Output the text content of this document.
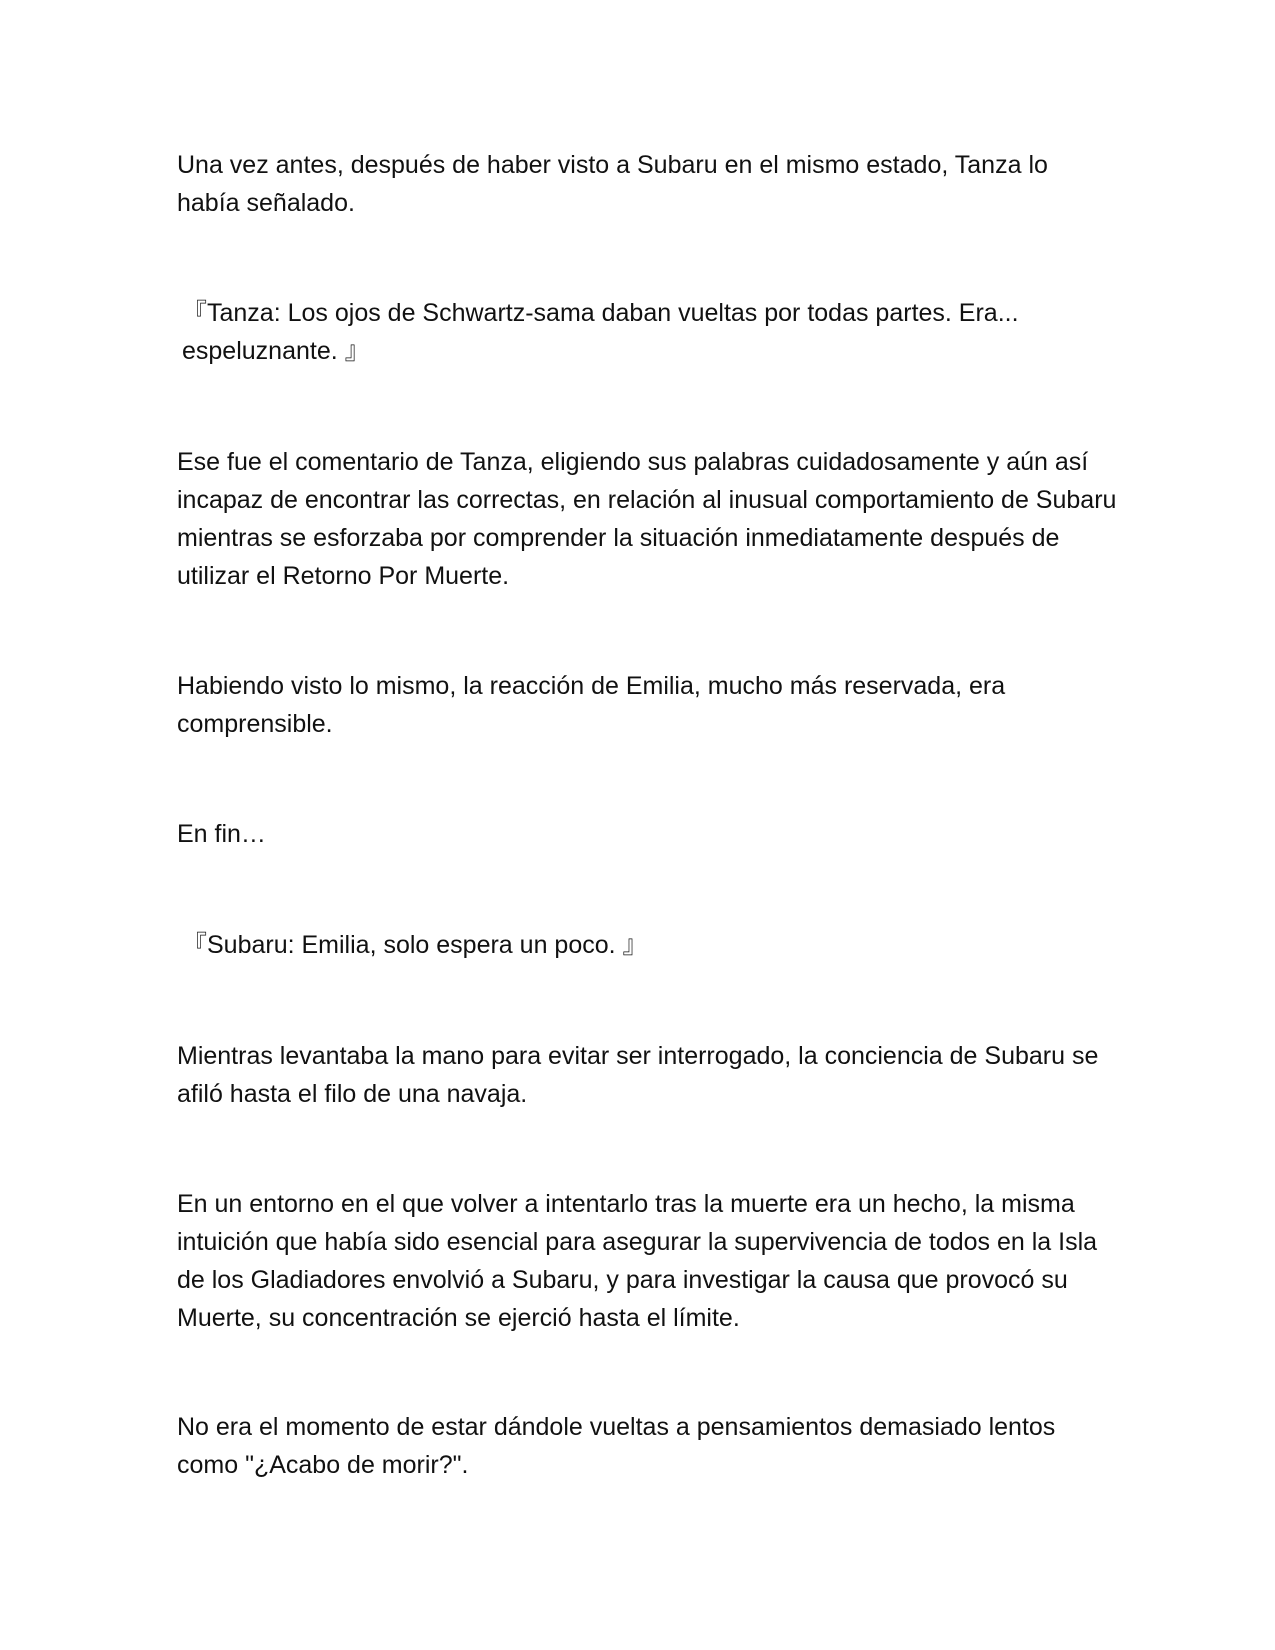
Una vez antes, después de haber visto a Subaru en el mismo estado, Tanza lo había señalado.

『Tanza: Los ojos de Schwartz-sama daban vueltas por todas partes. Era... espeluznante. 』

Ese fue el comentario de Tanza, eligiendo sus palabras cuidadosamente y aún así incapaz de encontrar las correctas, en relación al inusual comportamiento de Subaru mientras se esforzaba por comprender la situación inmediatamente después de utilizar el Retorno Por Muerte.

Habiendo visto lo mismo, la reacción de Emilia, mucho más reservada, era comprensible.

En fin…

『Subaru: Emilia, solo espera un poco. 』

Mientras levantaba la mano para evitar ser interrogado, la conciencia de Subaru se afiló hasta el filo de una navaja.

En un entorno en el que volver a intentarlo tras la muerte era un hecho, la misma intuición que había sido esencial para asegurar la supervivencia de todos en la Isla de los Gladiadores envolvió a Subaru, y para investigar la causa que provocó su Muerte, su concentración se ejerció hasta el límite.

No era el momento de estar dándole vueltas a pensamientos demasiado lentos como "¿Acabo de morir?".
